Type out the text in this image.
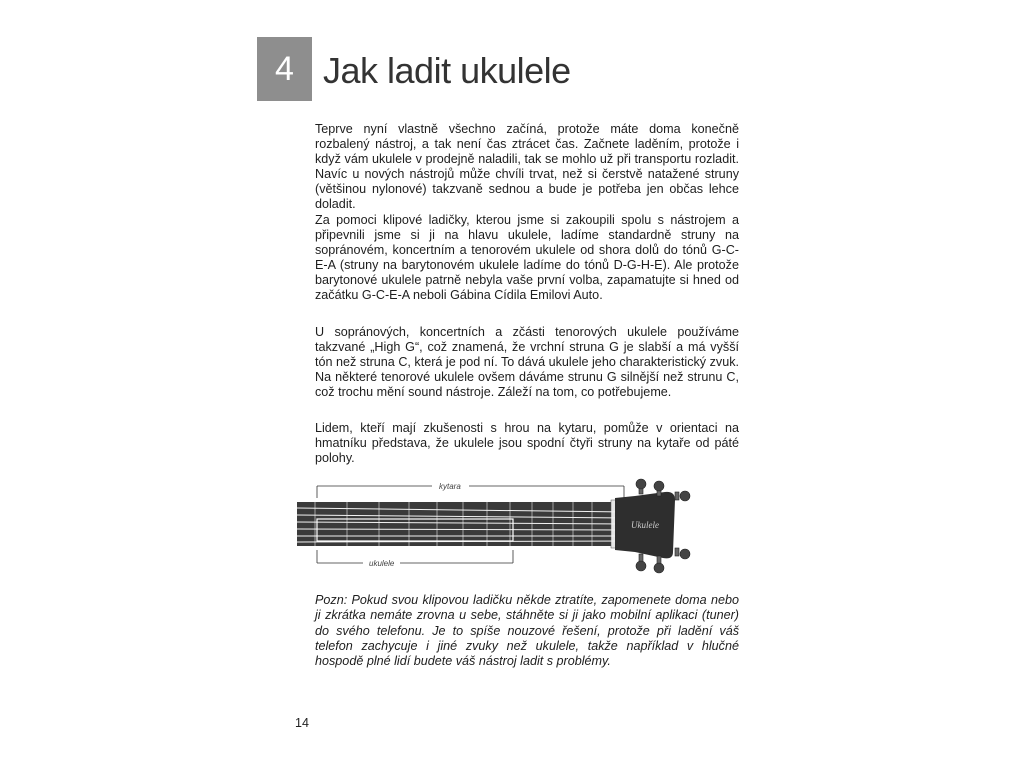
4 Jak ladit ukulele

Teprve nyní vlastně všechno začíná, protože máte doma konečně rozbalený nástroj, a tak není čas ztrácet čas. Začnete laděním, protože i když vám ukulele v prodejně naladili, tak se mohlo už při transportu rozladit. Navíc u nových nástrojů může chvíli trvat, než si čerstvě natažené struny (většinou nylonové) takzvaně sednou a bude je potřeba jen občas lehce doladit.

Za pomoci klipové ladičky, kterou jsme si zakoupili spolu s nástrojem a připevnili jsme si ji na hlavu ukulele, ladíme standardně struny na sopránovém, koncertním a tenorovém ukulele od shora dolů do tónů G-C-E-A (struny na barytonovém ukulele ladíme do tónů D-G-H-E). Ale protože barytonové ukulele patrně nebyla vaše první volba, zapamatujte si hned od začátku G-C-E-A neboli Gábina Cídila Emilovi Auto.

U sopránových, koncertních a zčásti tenorových ukulele používáme takzvané „High G“, což znamená, že vrchní struna G je slabší a má vyšší tón než struna C, která je pod ní. To dává ukulele jeho charakteristický zvuk. Na některé tenorové ukulele ovšem dáváme strunu G silnější než strunu C, což trochu mění sound nástroje. Záleží na tom, co potřebujeme.

Lidem, kteří mají zkušenosti s hrou na kytaru, pomůže v orientaci na hmatníku představa, že ukulele jsou spodní čtyři struny na kytaře od páté polohy.

kytara
Ukulele
ukulele

Pozn: Pokud svou klipovou ladičku někde ztratíte, zapomenete doma nebo ji zkrátka nemáte zrovna u sebe, stáhněte si ji jako mobilní aplikaci (tuner) do svého telefonu. Je to spíše nouzové řešení, protože při ladění váš telefon zachycuje i jiné zvuky než ukulele, takže například v hlučné hospodě plné lidí budete váš nástroj ladit s problémy.

14
